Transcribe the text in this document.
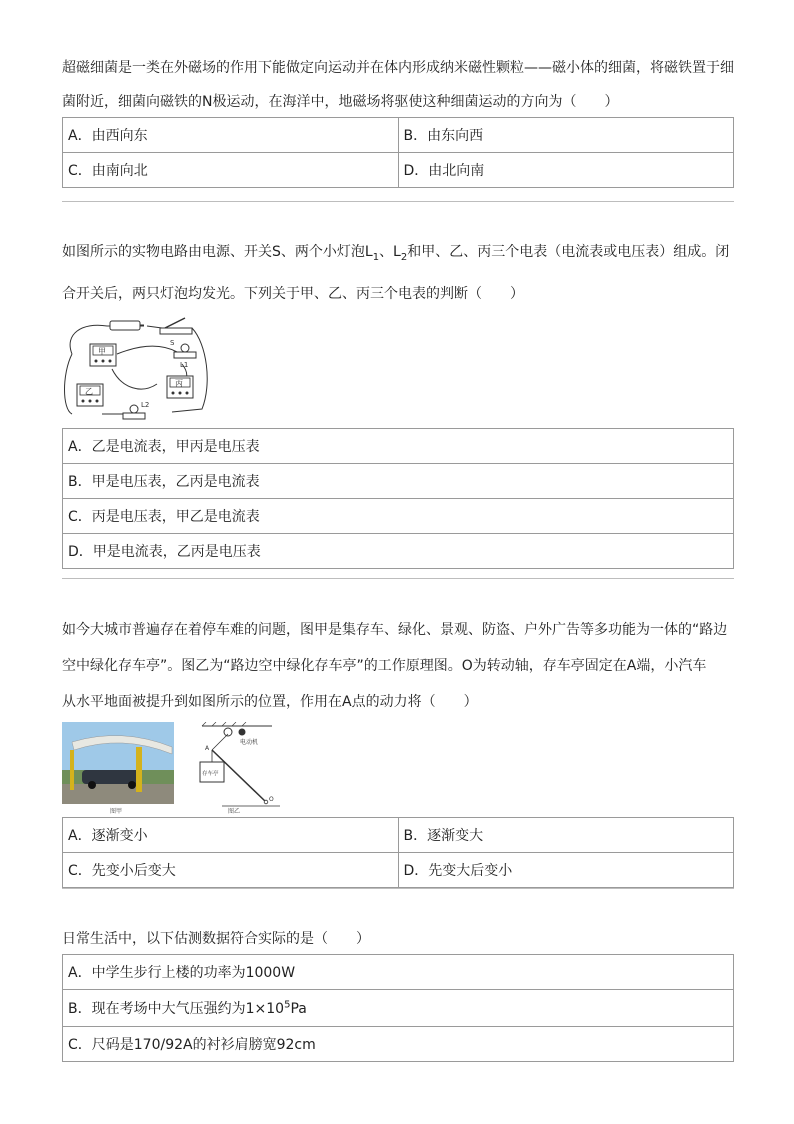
超磁细菌是一类在外磁场的作用下能做定向运动并在体内形成纳米磁性颗粒——磁小体的细菌，将磁铁置于细

菌附近，细菌向磁铁的N极运动，在海洋中，地磁场将驱使这种细菌运动的方向为（　　）

A．由西向东	B．由东向西
C．由南向北	D．由北向南

如图所示的实物电路由电源、开关S、两个小灯泡$L_1$、$L_2$和甲、乙、丙三个电表（电流表或电压表）组成。闭

合开关后，两只灯泡均发光。下列关于甲、乙、丙三个电表的判断（　　）

S
L1
甲
乙
丙
L2
A．乙是电流表，甲丙是电压表
B．甲是电压表，乙丙是电流表
C．丙是电压表，甲乙是电流表
D．甲是电流表，乙丙是电压表

如今大城市普遍存在着停车难的问题，图甲是集存车、绿化、景观、防盗、户外广告等多功能为一体的“路边

空中绿化存车亭”。图乙为“路边空中绿化存车亭”的工作原理图。O为转动轴，存车亭固定在A端，小汽车

从水平地面被提升到如图所示的位置，作用在A点的动力将（　　）

图甲
电动机
A
存车亭
O
图乙
A．逐渐变小	B．逐渐变大
C．先变小后变大	D．先变大后变小

日常生活中，以下估测数据符合实际的是（　　）

A．中学生步行上楼的功率为1000W
B．现在考场中大气压强约为$1\times 10^5Pa$
C．尺码是170/92A的衬衫肩膀宽92cm
